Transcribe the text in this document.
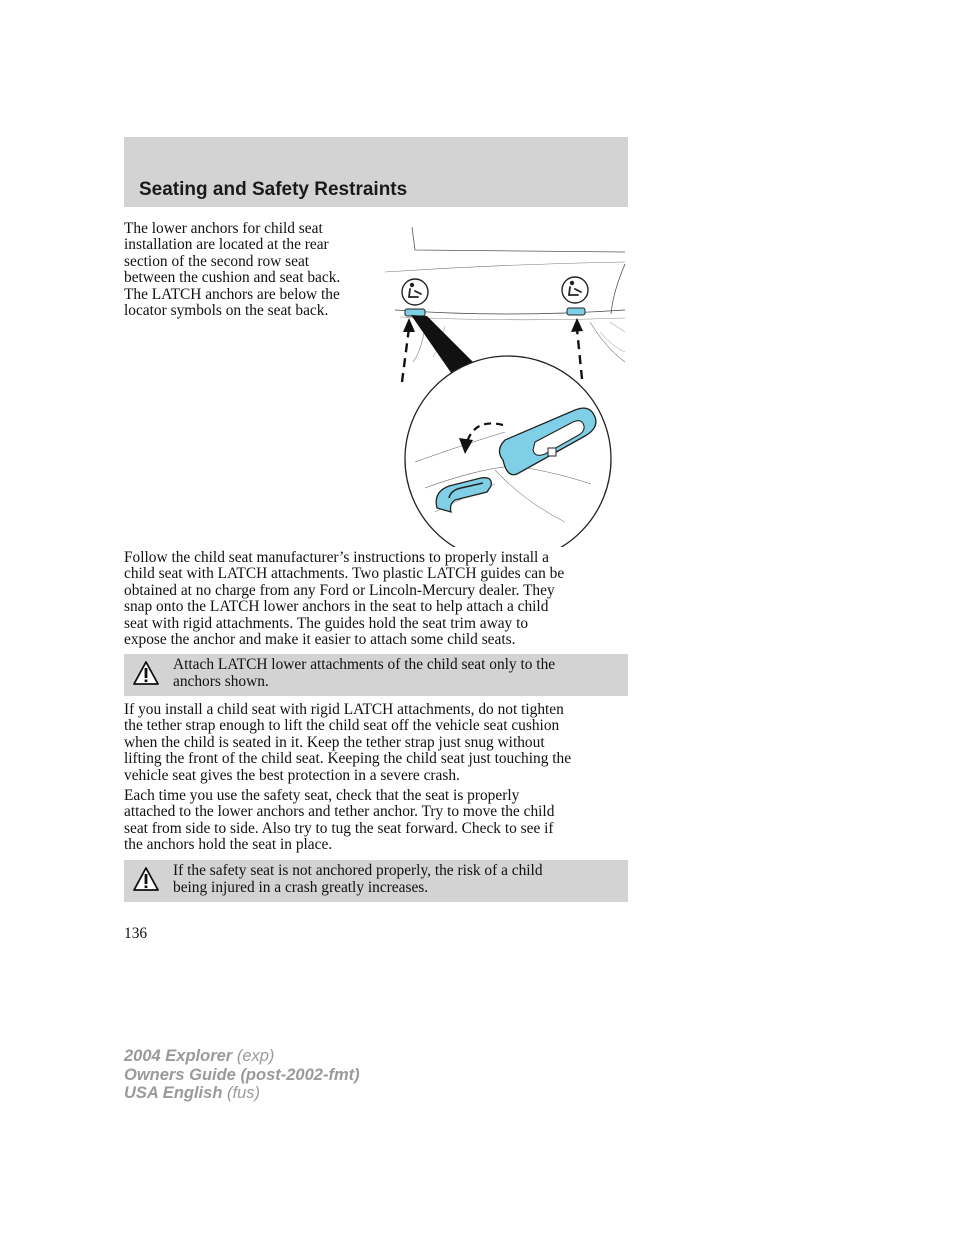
Seating and Safety Restraints

The lower anchors for child seat
installation are located at the rear
section of the second row seat
between the cushion and seat back.
The LATCH anchors are below the
locator symbols on the seat back.

Follow the child seat manufacturer’s instructions to properly install a
child seat with LATCH attachments. Two plastic LATCH guides can be
obtained at no charge from any Ford or Lincoln-Mercury dealer. They
snap onto the LATCH lower anchors in the seat to help attach a child
seat with rigid attachments. The guides hold the seat trim away to
expose the anchor and make it easier to attach some child seats.

Attach LATCH lower attachments of the child seat only to the
anchors shown.

If you install a child seat with rigid LATCH attachments, do not tighten
the tether strap enough to lift the child seat off the vehicle seat cushion
when the child is seated in it. Keep the tether strap just snug without
lifting the front of the child seat. Keeping the child seat just touching the
vehicle seat gives the best protection in a severe crash.

Each time you use the safety seat, check that the seat is properly
attached to the lower anchors and tether anchor. Try to move the child
seat from side to side. Also try to tug the seat forward. Check to see if
the anchors hold the seat in place.

If the safety seat is not anchored properly, the risk of a child
being injured in a crash greatly increases.
136
2004 Explorer (exp)
Owners Guide (post-2002-fmt)
USA English (fus)
